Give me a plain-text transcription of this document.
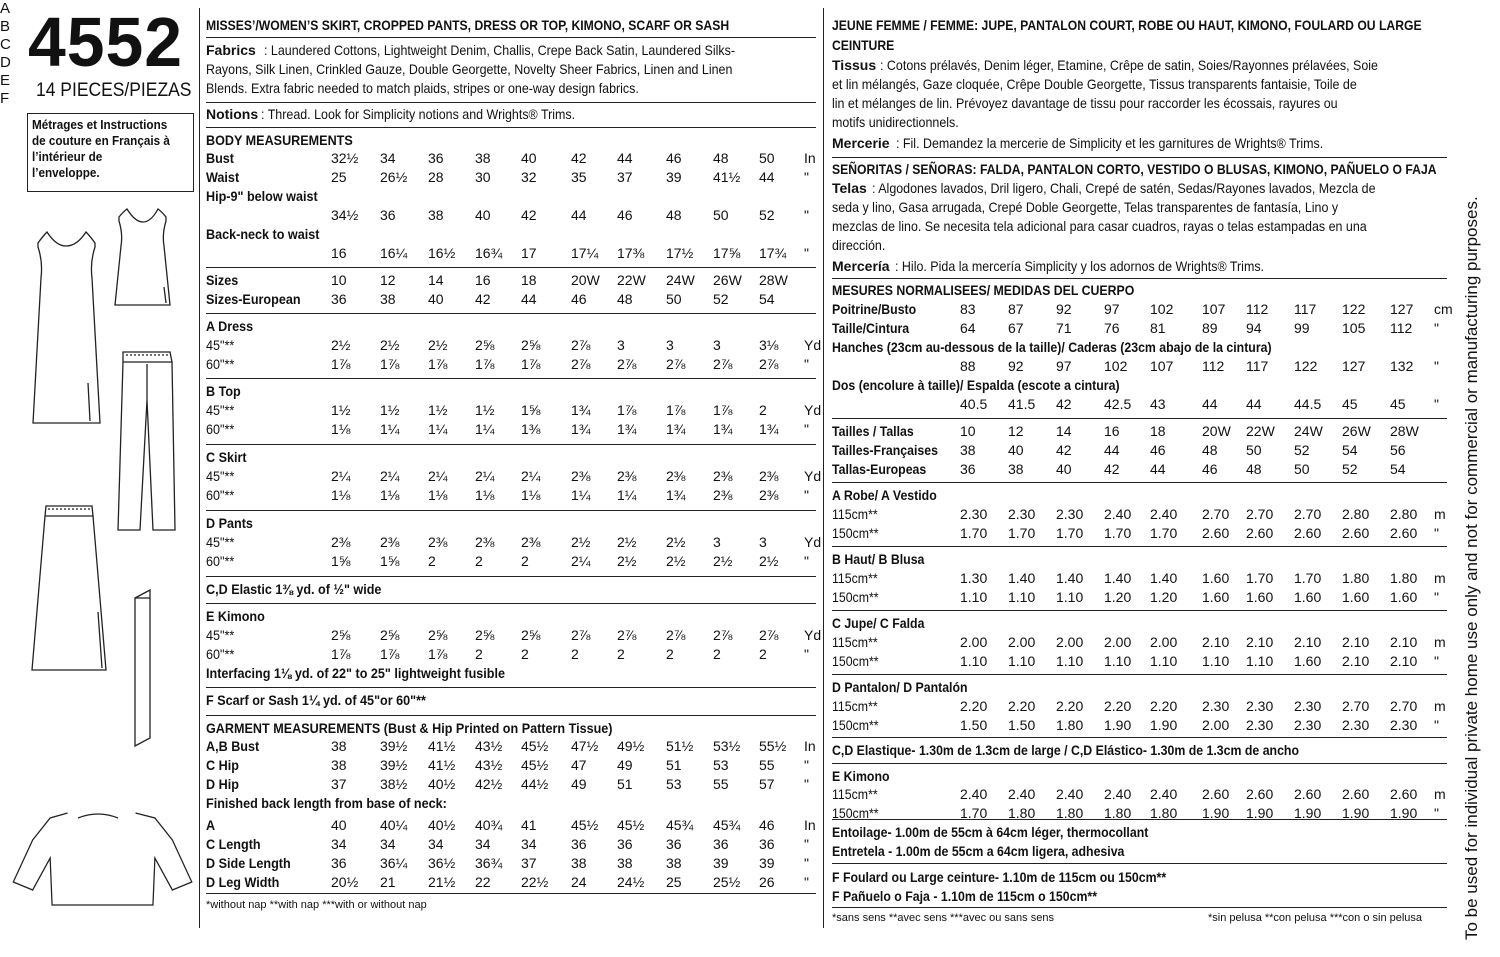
4552
14 PIECES/PIEZAS
Métrages et Instructions
de couture en Français à
l’intérieur de
l’enveloppe.
A
B
C
D
E
F
MISSES’/WOMEN’S SKIRT, CROPPED PANTS, DRESS OR TOP, KIMONO, SCARF OR SASH
Fabrics : Laundered Cottons, Lightweight Denim, Challis, Crepe Back Satin, Laundered Silks-
Rayons, Silk Linen, Crinkled Gauze, Double Georgette, Novelty Sheer Fabrics, Linen and Linen
Blends. Extra fabric needed to match plaids, stripes or one-way design fabrics.
Notions : Thread. Look for Simplicity notions and Wrights® Trims.
BODY MEASUREMENTS
Bust	32½ 34 36 38 40 42 44 46 48 50 In
Waist	25 26½ 28 30 32 35 37 39 41½ 44 "
Hip-9" below waist
34½ 36 38 40 42 44 46 48 50 52 "
Back-neck to waist
16 16¼ 16½ 16¾ 17 17¼ 17⅜ 17½ 17⅝ 17¾ "
Sizes	10 12 14 16 18 20W 22W 24W 26W 28W
Sizes-European 36 38 40 42 44 46 48 50 52 54
A Dress
45"**	2½ 2½ 2½ 2⅝ 2⅝ 2⅞ 3	3	3	3⅛ Yd
60"**	1⅞ 1⅞ 1⅞ 1⅞ 1⅞ 2⅞ 2⅞ 2⅞ 2⅞ 2⅞ "
B Top
45"**	1½ 1½ 1½ 1½ 1⅝ 1¾ 1⅞ 1⅞ 1⅞ 2	Yd
60"**	1⅛ 1¼ 1¼ 1¼ 1⅜ 1¾ 1¾ 1¾ 1¾ 1¾ "
C Skirt
45"**	2¼ 2¼ 2¼ 2¼ 2¼ 2⅜ 2⅜ 2⅜ 2⅜ 2⅜ Yd
60"**	1⅛ 1⅛ 1⅛ 1⅛ 1⅛ 1¼ 1¼ 1¾ 2⅜ 2⅜ "
D Pants
45"**	2⅜ 2⅜ 2⅜ 2⅜ 2⅜ 2½ 2½ 2½ 3	3	Yd
60"**	1⅝ 1⅝ 2	2	2	2¼ 2½ 2½ 2½ 2½ "
C,D Elastic 1⅜ yd. of ½" wide
E Kimono
45"**	2⅝ 2⅝ 2⅝ 2⅝ 2⅝ 2⅞ 2⅞ 2⅞ 2⅞ 2⅞ Yd
60"**	1⅞ 1⅞ 1⅞ 2	2	2	2	2	2	2	"
Interfacing 1⅛ yd. of 22" to 25" lightweight fusible
F Scarf or Sash 1¼ yd. of 45"or 60"**
GARMENT MEASUREMENTS (Bust & Hip Printed on Pattern Tissue)
A,B Bust	38 39½ 41½ 43½ 45½ 47½ 49½ 51½ 53½ 55½ In
C Hip	38 39½ 41½ 43½ 45½ 47 49 51 53 55 "
D Hip	37 38½ 40½ 42½ 44½ 49 51 53 55 57 "
Finished back length from base of neck:
A	40 40¼ 40½ 40¾ 41 45½ 45½ 45¾ 45¾ 46 In
C Length	34 34 34 34 34 36 36 36 36 36 "
D Side Length	36 36¼ 36½ 36¾ 37 38 38 38 39 39 "
D Leg Width	20½ 21 21½ 22 22½ 24 24½ 25 25½ 26 "
*without nap **with nap ***with or without nap
JEUNE FEMME / FEMME: JUPE, PANTALON COURT, ROBE OU HAUT, KIMONO, FOULARD OU LARGE
CEINTURE
Tissus : Cotons prélavés, Denim léger, Etamine, Crêpe de satin, Soies/Rayonnes prélavées, Soie
et lin mélangés, Gaze cloquée, Crêpe Double Georgette, Tissus transparents fantaisie, Toile de
lin et mélanges de lin. Prévoyez davantage de tissu pour raccorder les écossais, rayures ou
motifs unidirectionnels.
Mercerie : Fil. Demandez la mercerie de Simplicity et les garnitures de Wrights® Trims.
SEÑORITAS / SEÑORAS: FALDA, PANTALON CORTO, VESTIDO O BLUSAS, KIMONO, PAÑUELO O FAJA
Telas : Algodones lavados, Dril ligero, Chali, Crepé de satén, Sedas/Rayones lavados, Mezcla de
seda y lino, Gasa arrugada, Crepé Doble Georgette, Telas transparentes de fantasía, Lino y
mezclas de lino. Se necesita tela adicional para casar cuadros, rayas o telas estampadas en una
dirección.
Mercería : Hilo. Pida la mercería Simplicity y los adornos de Wrights® Trims.
MESURES NORMALISEES/ MEDIDAS DEL CUERPO
Poitrine/Busto	83 87 92 97 102 107 112 117 122 127 cm
Taille/Cintura	64 67 71 76 81	89 94 99 105 112 "
Hanches (23cm au-dessous de la taille)/ Caderas (23cm abajo de la cintura)
88 92 97 102 107 112 117 122 127 132 "
Dos (encolure à taille)/ Espalda (escote a cintura)
40.5 41.5 42 42.5 43	44 44 44.5 45 45 "
Tailles / Tallas	10 12 14 16 18	20W 22W 24W 26W 28W
Tailles-Françaises 38 40 42 44 46	48 50 52 54 56
Tallas-Europeas 36 38 40 42 44	46 48 50 52 54
A Robe/ A Vestido
115cm**	2.30 2.30 2.30 2.40 2.40 2.70 2.70 2.70 2.80 2.80 m
150cm**	1.70 1.70 1.70 1.70 1.70 2.60 2.60 2.60 2.60 2.60 "
B Haut/ B Blusa
115cm**	1.30 1.40 1.40 1.40 1.40 1.60 1.70 1.70 1.80 1.80 m
150cm**	1.10 1.10 1.10 1.20 1.20 1.60 1.60 1.60 1.60 1.60 "
C Jupe/ C Falda
115cm**	2.00 2.00 2.00 2.00 2.00 2.10 2.10 2.10 2.10 2.10 m
150cm**	1.10 1.10 1.10 1.10 1.10 1.10 1.10 1.60 2.10 2.10 "
D Pantalon/ D Pantalón
115cm**	2.20 2.20 2.20 2.20 2.20 2.30 2.30 2.30 2.70 2.70 m
150cm**	1.50 1.50 1.80 1.90 1.90 2.00 2.30 2.30 2.30 2.30 "
C,D Elastique- 1.30m de 1.3cm de large / C,D Elástico- 1.30m de 1.3cm de ancho
E Kimono
115cm**	2.40 2.40 2.40 2.40 2.40 2.60 2.60 2.60 2.60 2.60 m
150cm**	1.70 1.80 1.80 1.80 1.80 1.90 1.90 1.90 1.90 1.90 "
Entoilage- 1.00m de 55cm à 64cm léger, thermocollant
Entretela - 1.00m de 55cm a 64cm ligera, adhesiva
F Foulard ou Large ceinture- 1.10m de 115cm ou 150cm**
F Pañuelo o Faja - 1.10m de 115cm o 150cm**
*sans sens **avec sens ***avec ou sans sens	*sin pelusa **con pelusa ***con o sin pelusa To be used for individual private home use only and not for commercial or manufacturing purposes.
